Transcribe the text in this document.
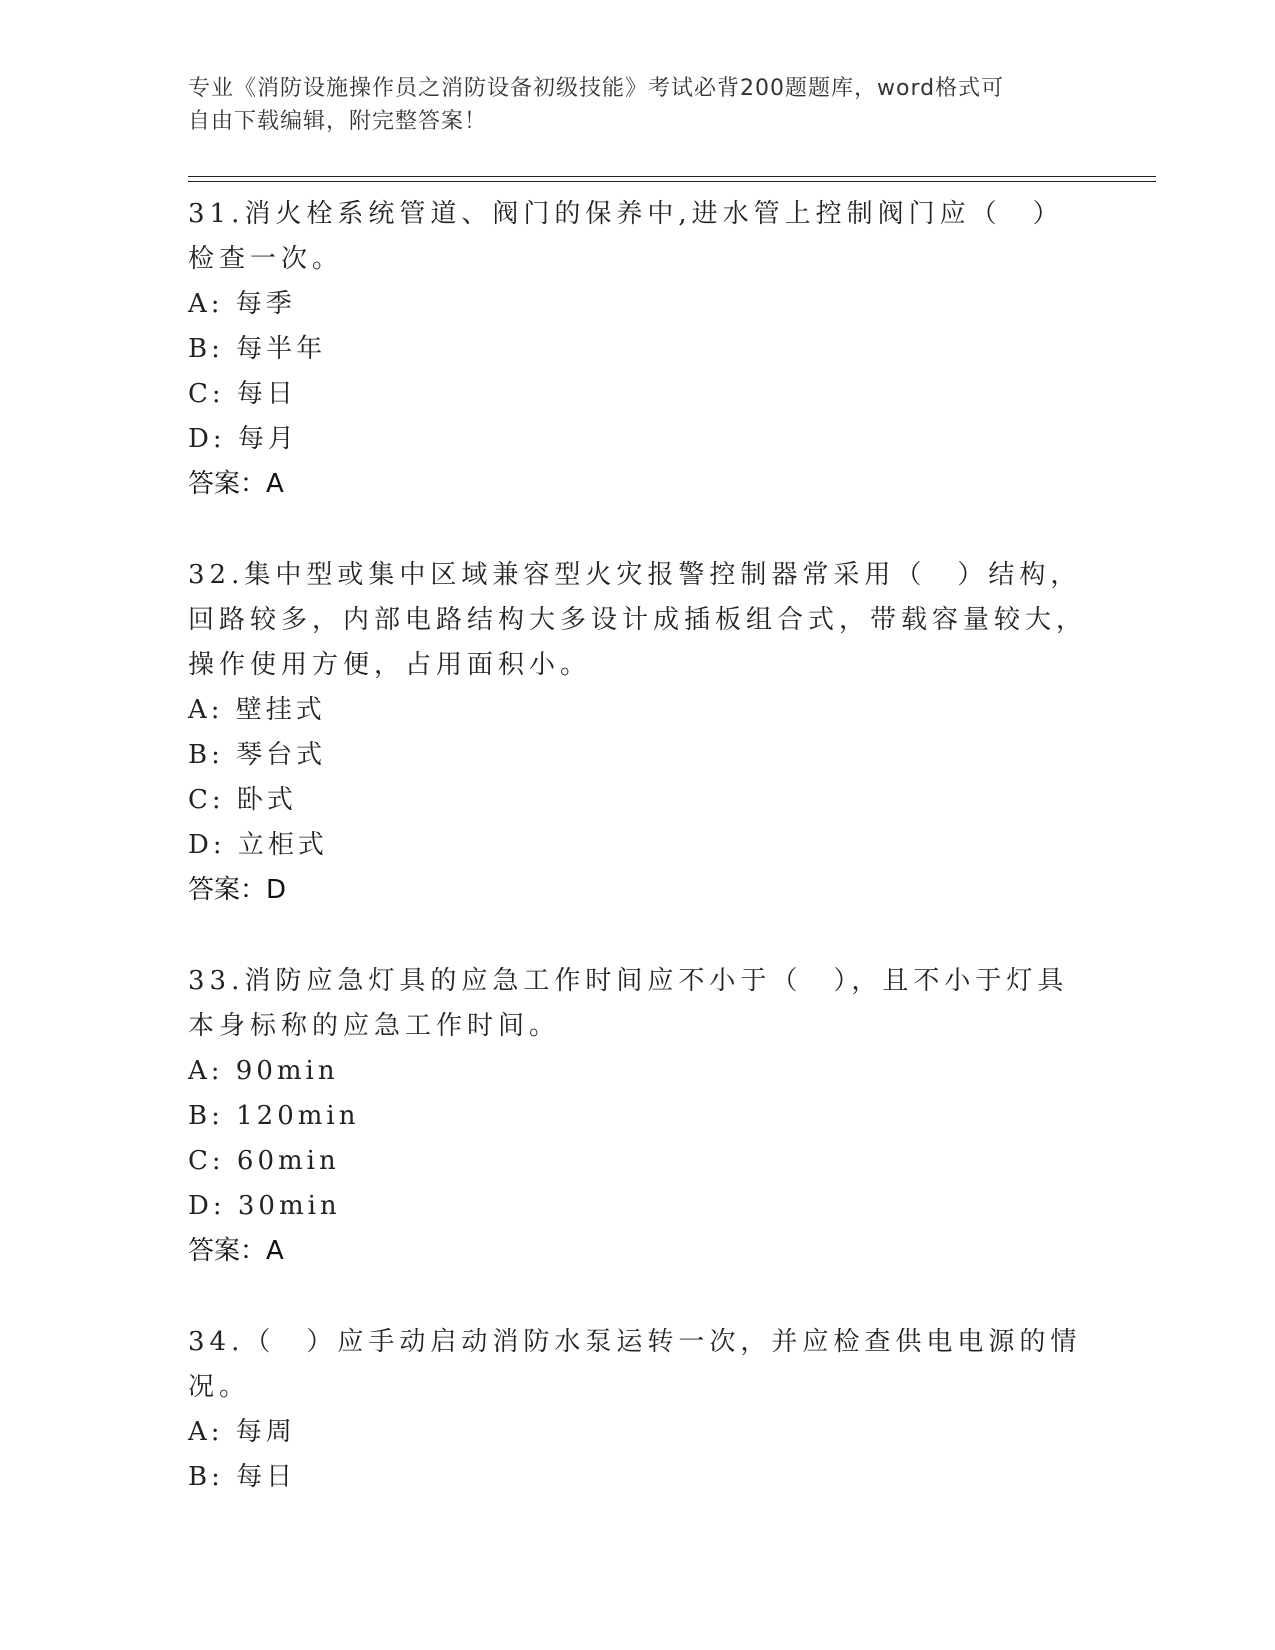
专业《消防设施操作员之消防设备初级技能》考试必背200题题库，word格式可
自由下载编辑，附完整答案！
31.消火栓系统管道、阀门的保养中,进水管上控制阀门应（　）检查一次。
A: 每季
B: 每半年
C: 每日
D: 每月
答案：A
32.集中型或集中区域兼容型火灾报警控制器常采用（　）结构，回路较多，内部电路结构大多设计成插板组合式，带载容量较大，操作使用方便，占用面积小。
A: 壁挂式
B: 琴台式
C: 卧式
D: 立柜式
答案：D
33.消防应急灯具的应急工作时间应不小于（　），且不小于灯具本身标称的应急工作时间。
A: 90min
B: 120min
C: 60min
D: 30min
答案：A
34.（　）应手动启动消防水泵运转一次，并应检查供电电源的情况。
A: 每周
B: 每日
